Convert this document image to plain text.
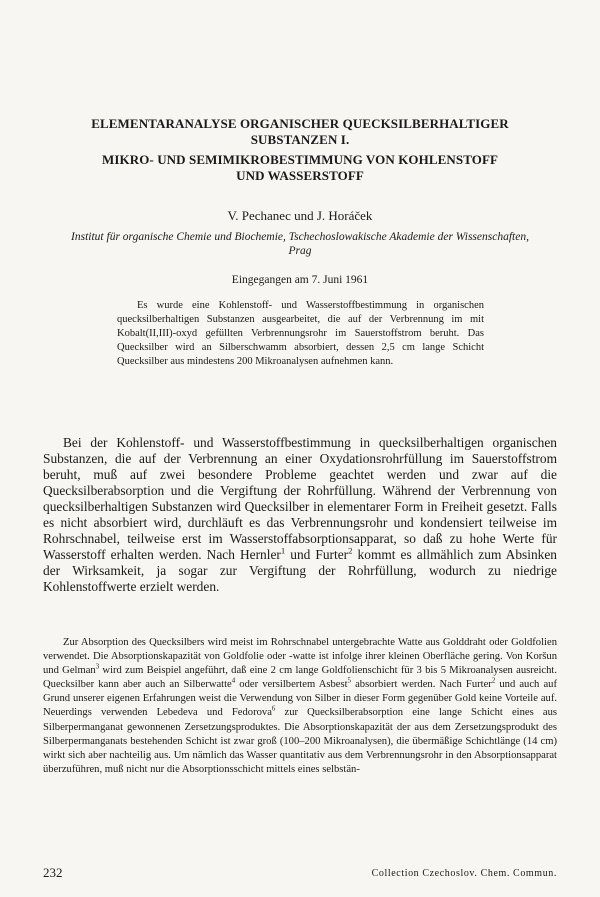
ELEMENTARANALYSE ORGANISCHER QUECKSILBERHALTIGER
SUBSTANZEN I.
MIKRO- UND SEMIMIKROBESTIMMUNG VON KOHLENSTOFF
UND WASSERSTOFF
V. Pechanec und J. Horáček
Institut für organische Chemie und Biochemie, Tschechoslowakische Akademie der Wissenschaften,
Prag
Eingegangen am 7. Juni 1961
Es wurde eine Kohlenstoff- und Wasserstoffbestimmung in organischen quecksilberhaltigen Substanzen ausgearbeitet, die auf der Verbrennung im mit Kobalt(II,III)-oxyd gefüllten Verbrennungsrohr im Sauerstoffstrom beruht. Das Quecksilber wird an Silberschwamm absorbiert, dessen 2,5 cm lange Schicht Quecksilber aus mindestens 200 Mikroanalysen aufnehmen kann.
Bei der Kohlenstoff- und Wasserstoffbestimmung in quecksilberhaltigen organischen Substanzen, die auf der Verbrennung an einer Oxydationsrohrfüllung im Sauerstoffstrom beruht, muß auf zwei besondere Probleme geachtet werden und zwar auf die Quecksilberabsorption und die Vergiftung der Rohrfüllung. Während der Verbrennung von quecksilberhaltigen Substanzen wird Quecksilber in elementarer Form in Freiheit gesetzt. Falls es nicht absorbiert wird, durchläuft es das Verbrennungsrohr und kondensiert teilweise im Rohrschnabel, teilweise erst im Wasserstoffabsorptionsapparat, so daß zu hohe Werte für Wasserstoff erhalten werden. Nach Hernler$^1$ und Furter$^2$ kommt es allmählich zum Absinken der Wirksamkeit, ja sogar zur Vergiftung der Rohrfüllung, wodurch zu niedrige Kohlenstoffwerte erzielt werden.
Zur Absorption des Quecksilbers wird meist im Rohrschnabel untergebrachte Watte aus Golddraht oder Goldfolien verwendet. Die Absorptionskapazität von Goldfolie oder -watte ist infolge ihrer kleinen Oberfläche gering. Von Koršun und Gelman$^3$ wird zum Beispiel angeführt, daß eine 2 cm lange Goldfolienschicht für 3 bis 5 Mikroanalysen ausreicht. Quecksilber kann aber auch an Silberwatte$^4$ oder versilbertem Asbest$^5$ absorbiert werden. Nach Furter$^2$ und auch auf Grund unserer eigenen Erfahrungen weist die Verwendung von Silber in dieser Form gegenüber Gold keine Vorteile auf. Neuerdings verwenden Lebedeva und Fedorova$^6$ zur Quecksilberabsorption eine lange Schicht eines aus Silberpermanganat gewonnenen Zersetzungsproduktes. Die Absorptionskapazität der aus dem Zersetzungsprodukt des Silberpermanganats bestehenden Schicht ist zwar groß (100–200 Mikroanalysen), die übermäßige Schichtlänge (14 cm) wirkt sich aber nachteilig aus. Um nämlich das Wasser quantitativ aus dem Verbrennungsrohr in den Absorptionsapparat überzuführen, muß nicht nur die Absorptionsschicht mittels eines selbstän-
232	Collection Czechoslov. Chem. Commun.
